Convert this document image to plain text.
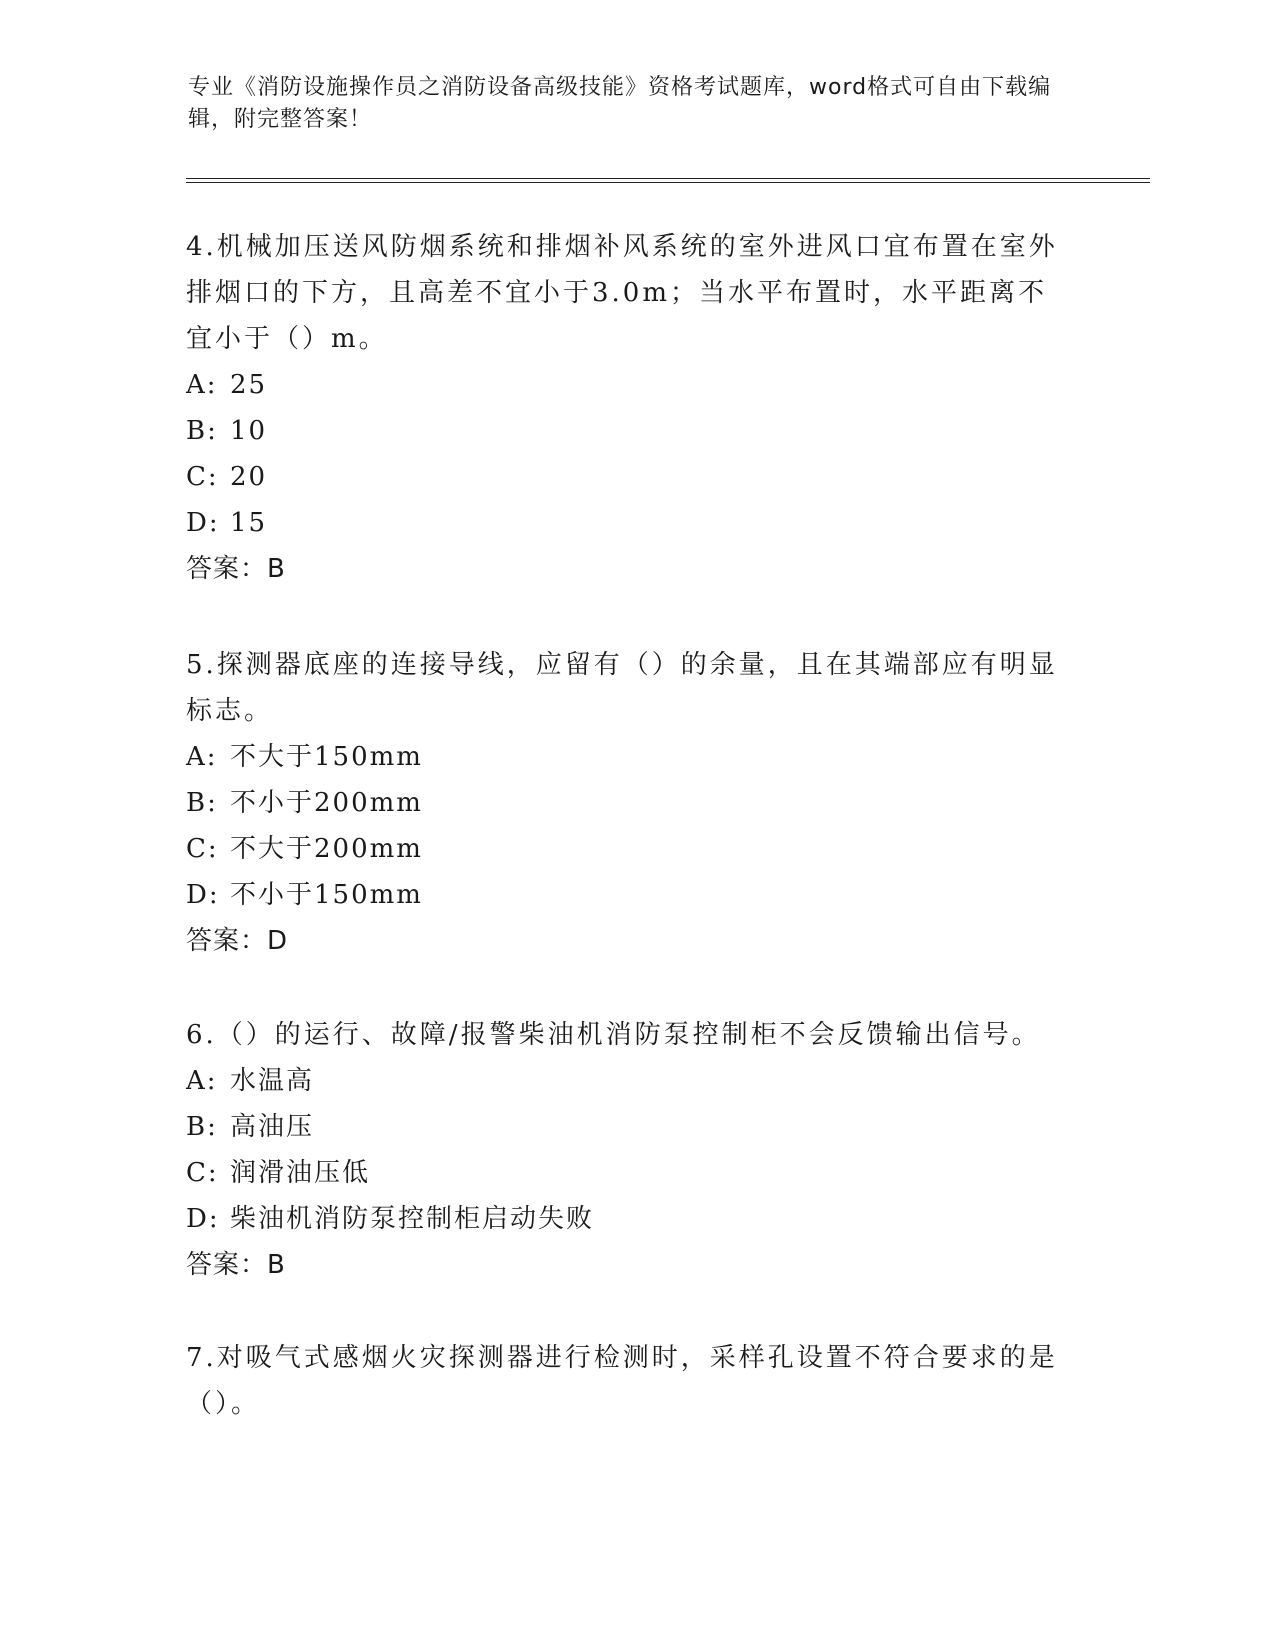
专业《消防设施操作员之消防设备高级技能》资格考试题库，word格式可自由下载编辑，附完整答案！

4.机械加压送风防烟系统和排烟补风系统的室外进风口宜布置在室外排烟口的下方，且高差不宜小于3.0m；当水平布置时，水平距离不宜小于（）m。

A: 25

B: 10

C: 20

D: 15

答案：B

5.探测器底座的连接导线，应留有（）的余量，且在其端部应有明显标志。

A: 不大于150mm

B: 不小于200mm

C: 不大于200mm

D: 不小于150mm

答案：D

6.（）的运行、故障/报警柴油机消防泵控制柜不会反馈输出信号。

A: 水温高

B: 高油压

C: 润滑油压低

D: 柴油机消防泵控制柜启动失败

答案：B

7.对吸气式感烟火灾探测器进行检测时，采样孔设置不符合要求的是（）。
